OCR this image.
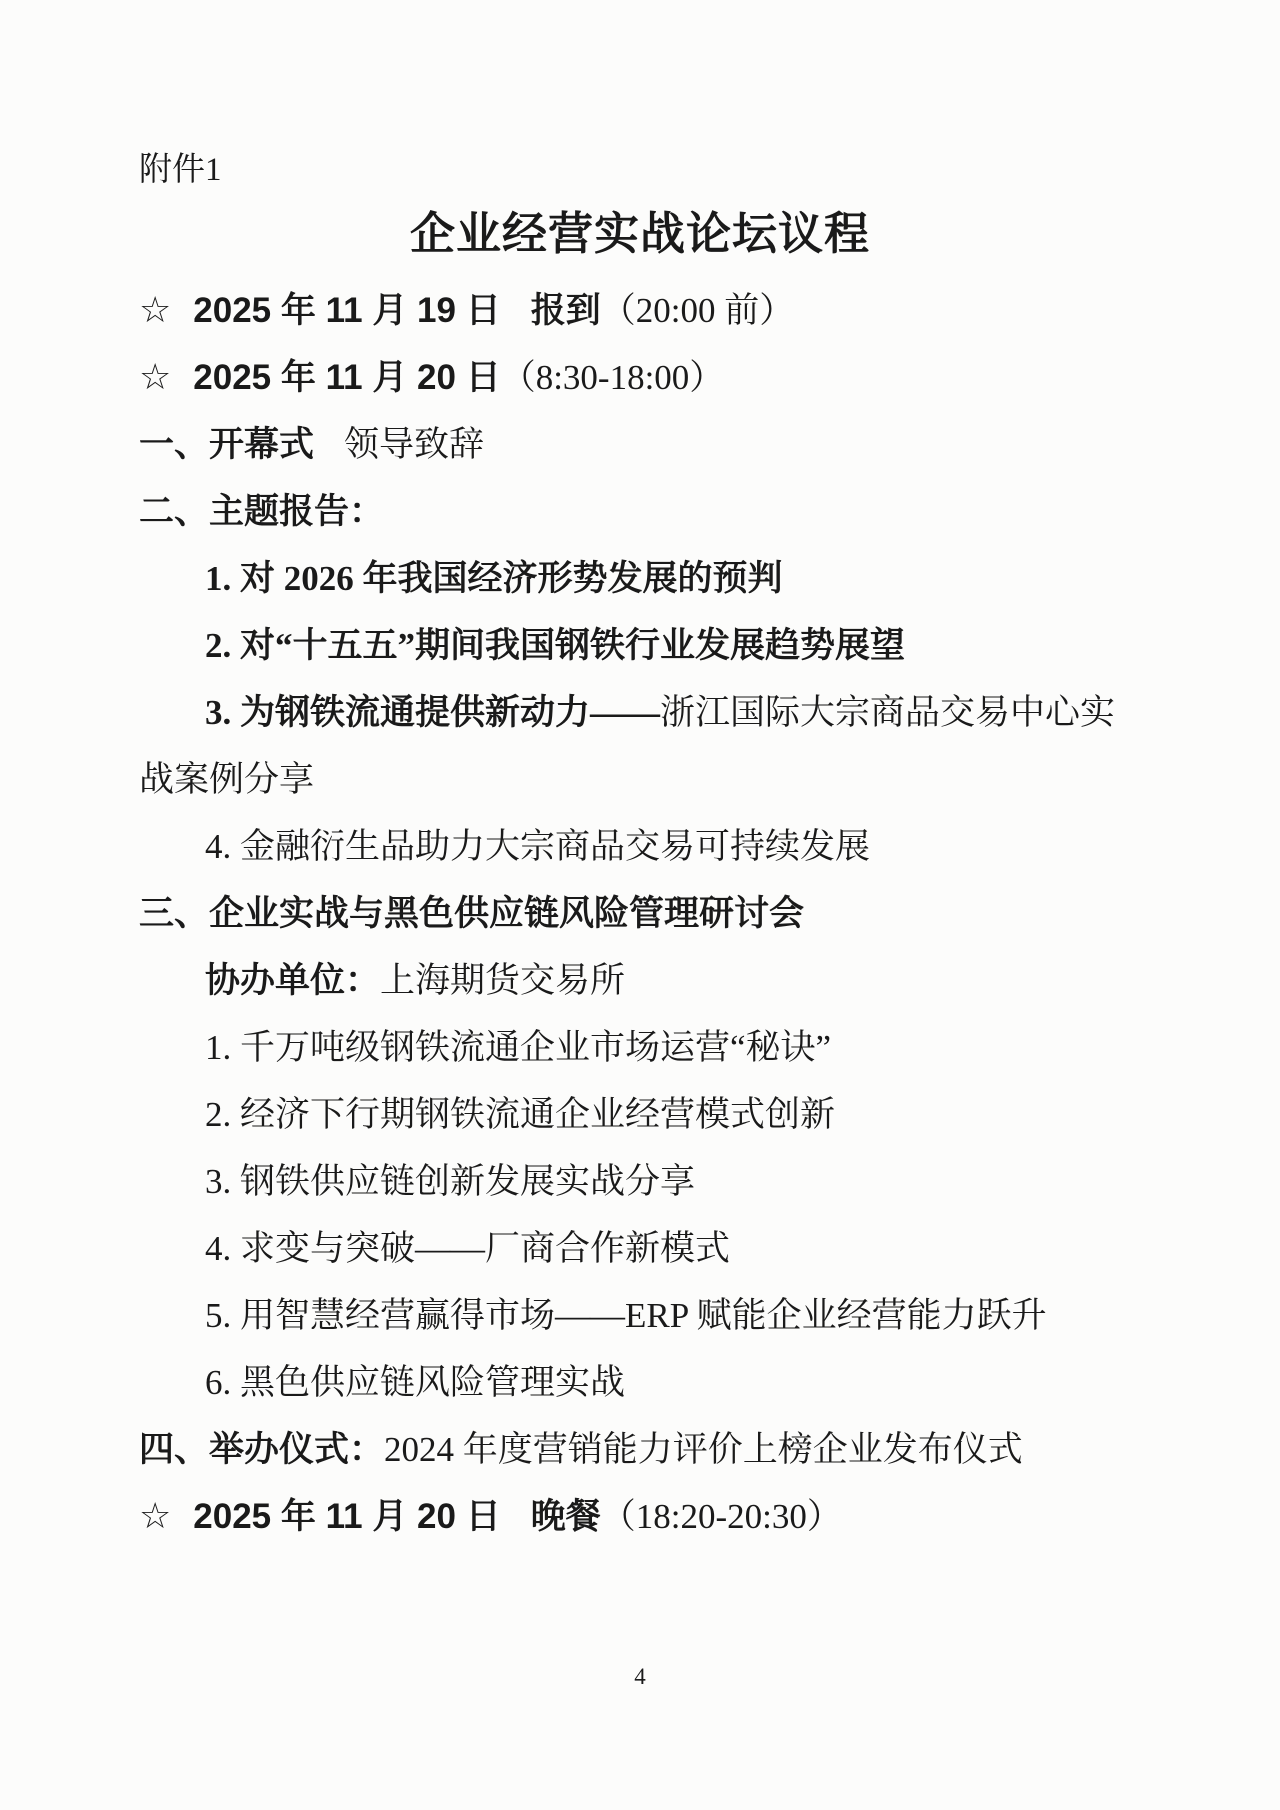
附件1
企业经营实战论坛议程

☆ 2025 年 11 月 19 日 报到（20:00 前）

☆ 2025 年 11 月 20 日（8:30-18:00）

一、开幕式 领导致辞

二、主题报告：

1. 对 2026 年我国经济形势发展的预判

2. 对“十五五”期间我国钢铁行业发展趋势展望

3. 为钢铁流通提供新动力——浙江国际大宗商品交易中心实

战案例分享

4. 金融衍生品助力大宗商品交易可持续发展

三、企业实战与黑色供应链风险管理研讨会

协办单位：上海期货交易所

1. 千万吨级钢铁流通企业市场运营“秘诀”

2. 经济下行期钢铁流通企业经营模式创新

3. 钢铁供应链创新发展实战分享

4. 求变与突破——厂商合作新模式

5. 用智慧经营赢得市场——ERP 赋能企业经营能力跃升

6. 黑色供应链风险管理实战

四、举办仪式：2024 年度营销能力评价上榜企业发布仪式

☆ 2025 年 11 月 20 日 晚餐（18:20-20:30）

4
